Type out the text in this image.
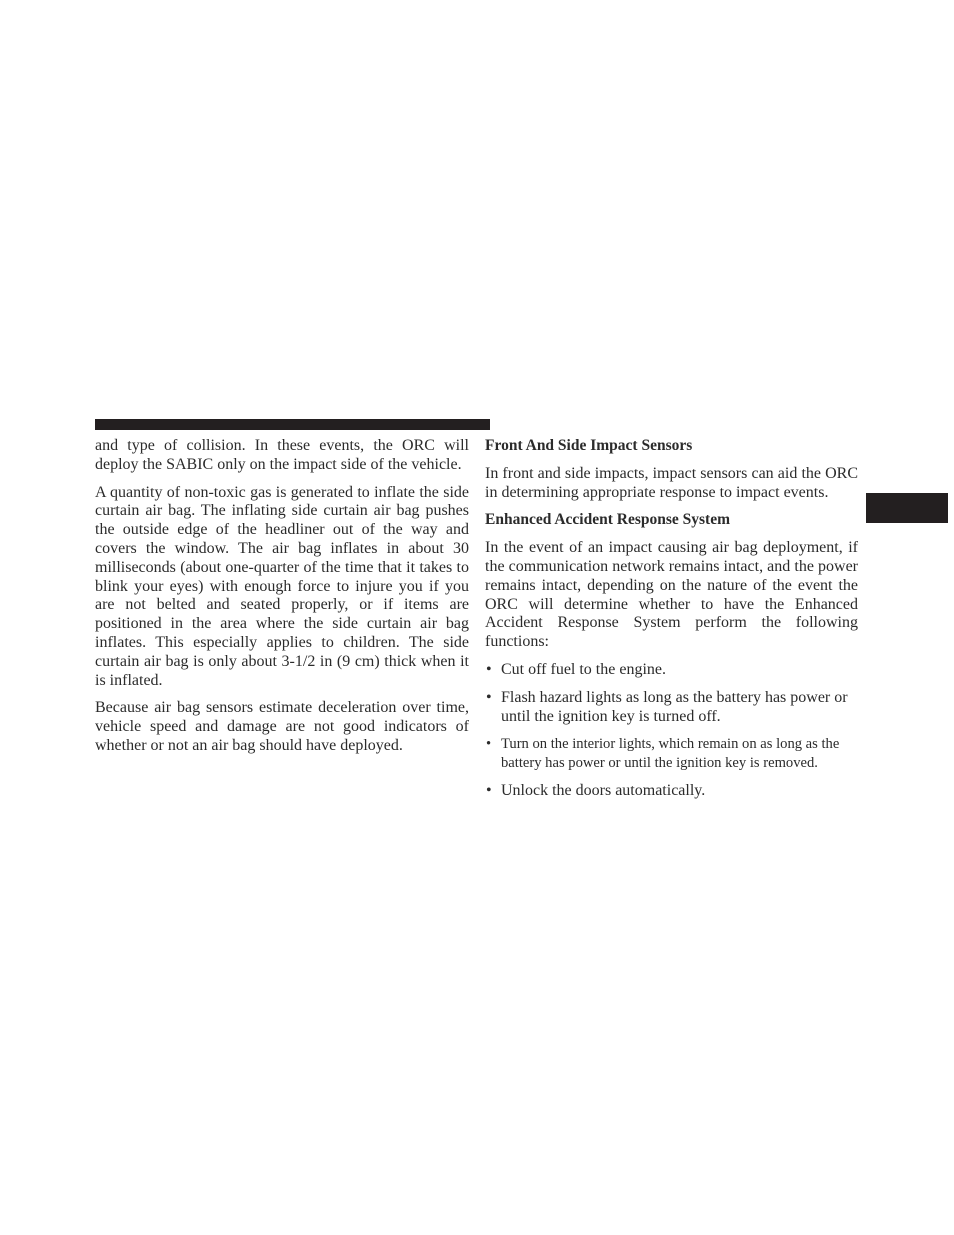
and type of collision. In these events, the ORC will deploy the SABIC only on the impact side of the vehicle.

A quantity of non-toxic gas is generated to inflate the side curtain air bag. The inflating side curtain air bag pushes the outside edge of the headliner out of the way and covers the window. The air bag inflates in about 30 milliseconds (about one-quarter of the time that it takes to blink your eyes) with enough force to injure you if you are not belted and seated properly, or if items are positioned in the area where the side curtain air bag inflates. This especially applies to children. The side curtain air bag is only about 3-1/2 in (9 cm) thick when it is inflated.

Because air bag sensors estimate deceleration over time, vehicle speed and damage are not good indicators of whether or not an air bag should have deployed.

Front And Side Impact Sensors

In front and side impacts, impact sensors can aid the ORC in determining appropriate response to impact events.

Enhanced Accident Response System

In the event of an impact causing air bag deployment, if the communication network remains intact, and the power remains intact, depending on the nature of the event the ORC will determine whether to have the Enhanced Accident Response System perform the following functions:

• Cut off fuel to the engine.
• Flash hazard lights as long as the battery has power or until the ignition key is turned off.
• Turn on the interior lights, which remain on as long as the battery has power or until the ignition key is removed.
• Unlock the doors automatically.
